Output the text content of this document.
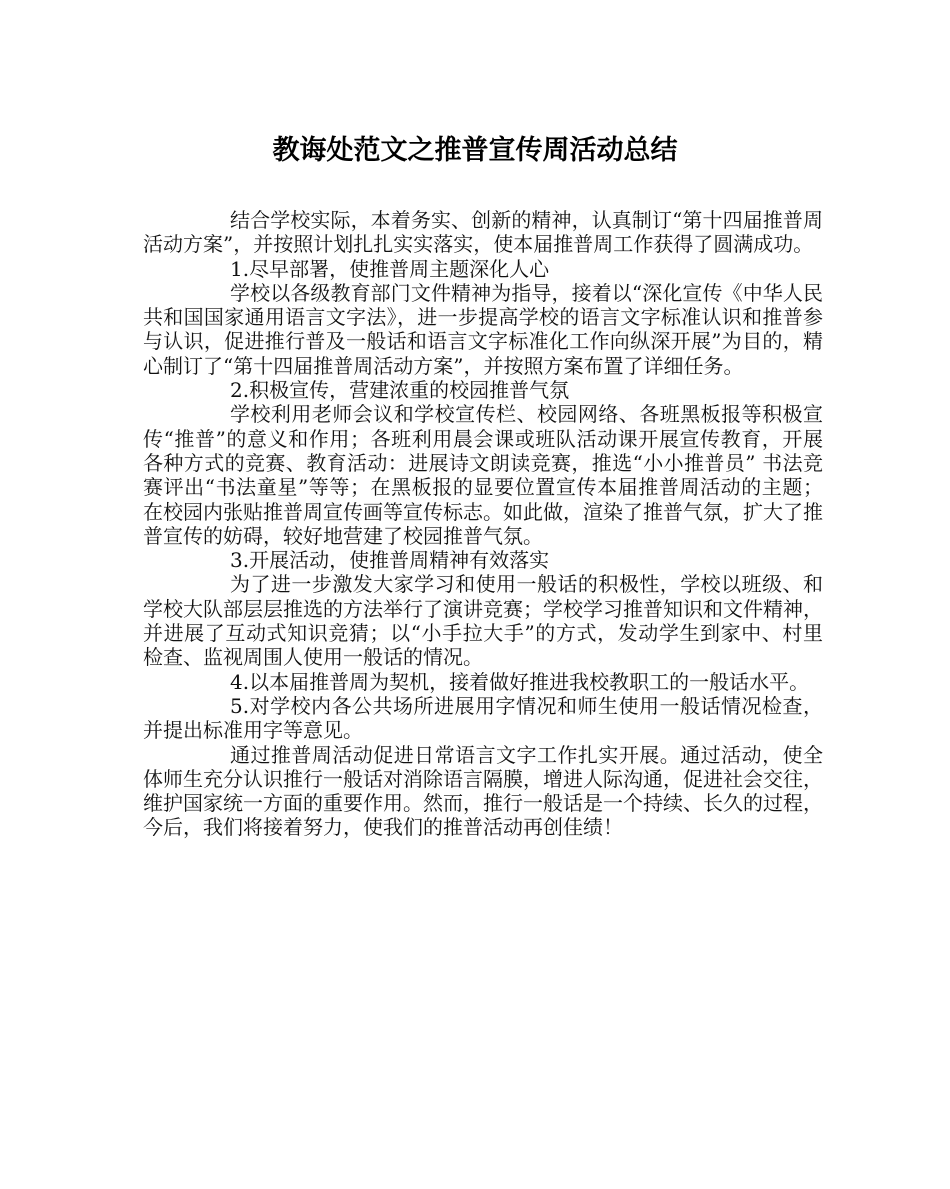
教诲处范文之推普宣传周活动总结

结合学校实际，本着务实、创新的精神，认真制订“第十四届推普周活动方案”，并按照计划扎扎实实落实，使本届推普周工作获得了圆满成功。

1.尽早部署，使推普周主题深化人心

学校以各级教育部门文件精神为指导，接着以“深化宣传《中华人民共和国国家通用语言文字法》，进一步提高学校的语言文字标准认识和推普参与认识，促进推行普及一般话和语言文字标准化工作向纵深开展”为目的，精心制订了“第十四届推普周活动方案”，并按照方案布置了详细任务。

2.积极宣传，营建浓重的校园推普气氛

学校利用老师会议和学校宣传栏、校园网络、各班黑板报等积极宣传“推普”的意义和作用；各班利用晨会课或班队活动课开展宣传教育，开展各种方式的竞赛、教育活动：进展诗文朗读竞赛，推选“小小推普员” 书法竞赛评出“书法童星”等等；在黑板报的显要位置宣传本届推普周活动的主题；在校园内张贴推普周宣传画等宣传标志。如此做，渲染了推普气氛，扩大了推普宣传的妨碍，较好地营建了校园推普气氛。

3.开展活动，使推普周精神有效落实

为了进一步激发大家学习和使用一般话的积极性，学校以班级、和学校大队部层层推选的方法举行了演讲竞赛；学校学习推普知识和文件精神，并进展了互动式知识竞猜；以“小手拉大手”的方式，发动学生到家中、村里检查、监视周围人使用一般话的情况。

4.以本届推普周为契机，接着做好推进我校教职工的一般话水平。

5.对学校内各公共场所进展用字情况和师生使用一般话情况检查，并提出标准用字等意见。

通过推普周活动促进日常语言文字工作扎实开展。通过活动，使全体师生充分认识推行一般话对消除语言隔膜，增进人际沟通，促进社会交往，维护国家统一方面的重要作用。然而，推行一般话是一个持续、长久的过程，今后，我们将接着努力，使我们的推普活动再创佳绩！
